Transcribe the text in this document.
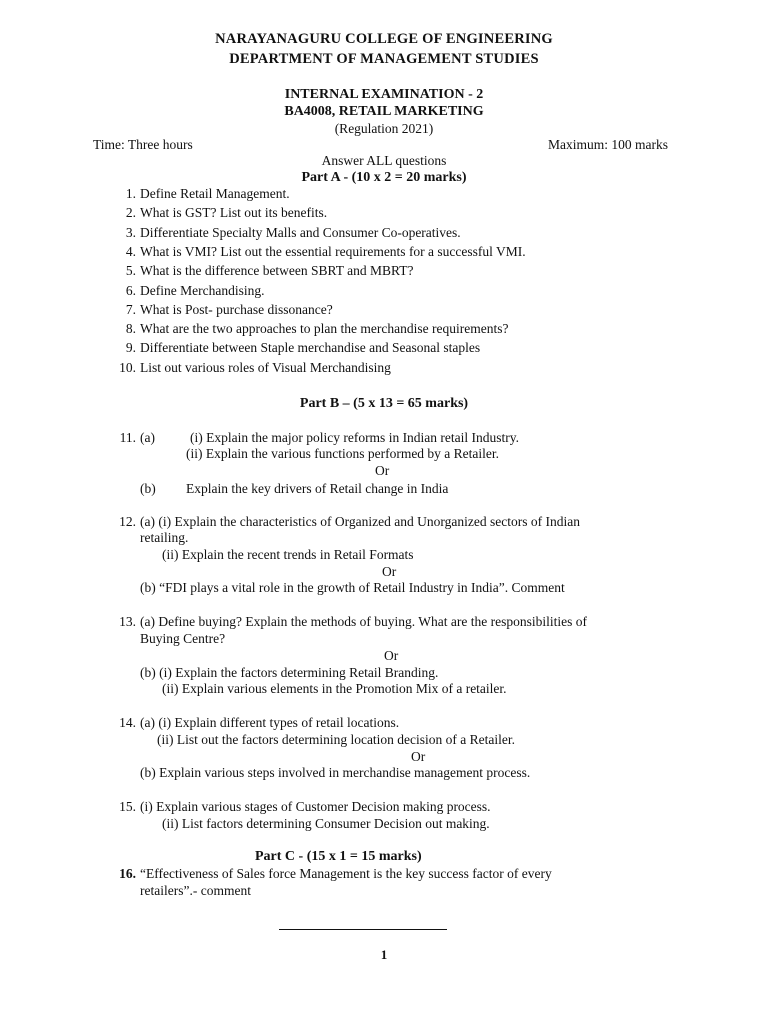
NARAYANAGURU COLLEGE OF ENGINEERING
DEPARTMENT OF MANAGEMENT STUDIES
INTERNAL EXAMINATION - 2
BA4008, RETAIL MARKETING
(Regulation 2021)
Time: Three hours	Maximum: 100 marks
Answer ALL questions
Part A - (10 x 2 = 20 marks)
1. Define Retail Management.
2. What is GST? List out its benefits.
3. Differentiate Specialty Malls and Consumer Co-operatives.
4. What is VMI? List out the essential requirements for a successful VMI.
5. What is the difference between SBRT and MBRT?
6. Define Merchandising.
7. What is Post- purchase dissonance?
8. What are the two approaches to plan the merchandise requirements?
9. Differentiate between Staple merchandise and Seasonal staples
10. List out various roles of Visual Merchandising
Part B – (5 x 13 = 65 marks)
11. (a)	(i) Explain the major policy reforms in Indian retail Industry.
(ii) Explain the various functions performed by a Retailer.
Or
(b) Explain the key drivers of Retail change in India
12. (a) (i) Explain the characteristics of Organized and Unorganized sectors of Indian
retailing.
(ii) Explain the recent trends in Retail Formats
Or
(b) “FDI plays a vital role in the growth of Retail Industry in India”. Comment
13. (a) Define buying? Explain the methods of buying. What are the responsibilities of
Buying Centre?
Or
(b) (i) Explain the factors determining Retail Branding.
(ii) Explain various elements in the Promotion Mix of a retailer.
14. (a) (i) Explain different types of retail locations.
(ii) List out the factors determining location decision of a Retailer.
Or
(b) Explain various steps involved in merchandise management process.
15. (i) Explain various stages of Customer Decision making process.
(ii) List factors determining Consumer Decision out making.
Part C - (15 x 1 = 15 marks)
16. “Effectiveness of Sales force Management is the key success factor of every
retailers”.- comment
1
